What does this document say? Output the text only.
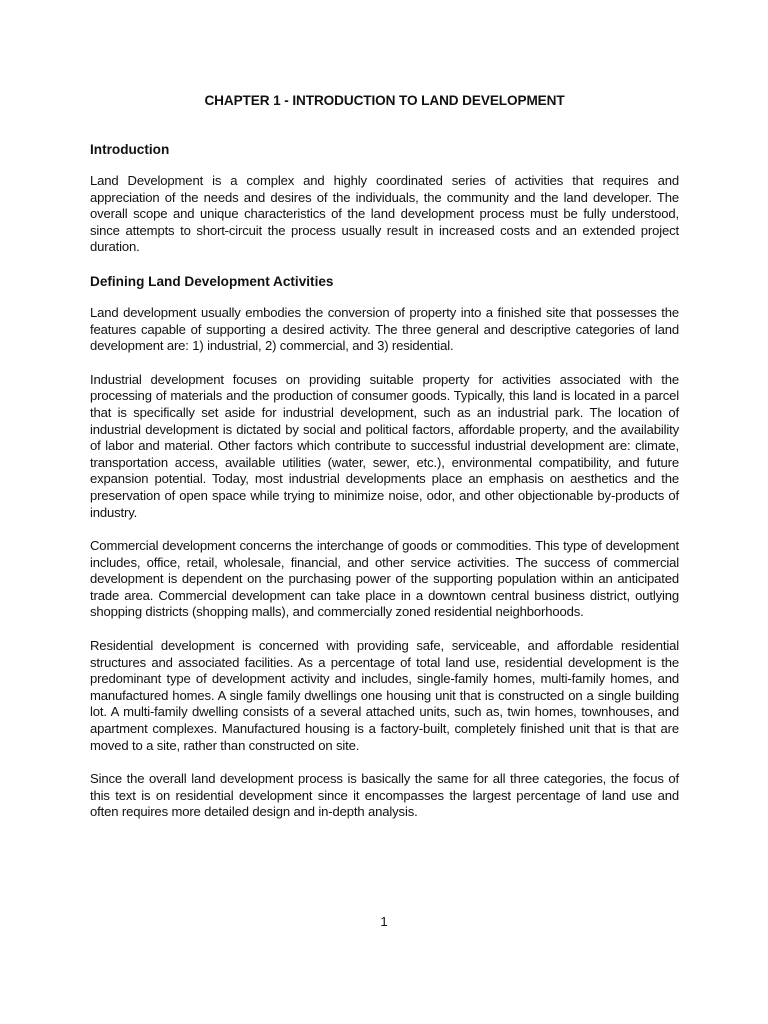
CHAPTER 1 - INTRODUCTION TO LAND DEVELOPMENT
Introduction

Land Development is a complex and highly coordinated series of activities that requires and appreciation of the needs and desires of the individuals, the community and the land developer. The overall scope and unique characteristics of the land development process must be fully understood, since attempts to short-circuit the process usually result in increased costs and an extended project duration.

Defining Land Development Activities

Land development usually embodies the conversion of property into a finished site that possesses the features capable of supporting a desired activity. The three general and descriptive categories of land development are: 1) industrial, 2) commercial, and 3) residential.

Industrial development focuses on providing suitable property for activities associated with the processing of materials and the production of consumer goods. Typically, this land is located in a parcel that is specifically set aside for industrial development, such as an industrial park. The location of industrial development is dictated by social and political factors, affordable property, and the availability of labor and material. Other factors which contribute to successful industrial development are: climate, transportation access, available utilities (water, sewer, etc.), environmental compatibility, and future expansion potential. Today, most industrial developments place an emphasis on aesthetics and the preservation of open space while trying to minimize noise, odor, and other objectionable by-products of industry.

Commercial development concerns the interchange of goods or commodities. This type of development includes, office, retail, wholesale, financial, and other service activities. The success of commercial development is dependent on the purchasing power of the supporting population within an anticipated trade area. Commercial development can take place in a downtown central business district, outlying shopping districts (shopping malls), and commercially zoned residential neighborhoods.

Residential development is concerned with providing safe, serviceable, and affordable residential structures and associated facilities. As a percentage of total land use, residential development is the predominant type of development activity and includes, single-family homes, multi-family homes, and manufactured homes. A single family dwellings one housing unit that is constructed on a single building lot. A multi-family dwelling consists of a several attached units, such as, twin homes, townhouses, and apartment complexes. Manufactured housing is a factory-built, completely finished unit that is that are moved to a site, rather than constructed on site.

Since the overall land development process is basically the same for all three categories, the focus of this text is on residential development since it encompasses the largest percentage of land use and often requires more detailed design and in-depth analysis.

1
